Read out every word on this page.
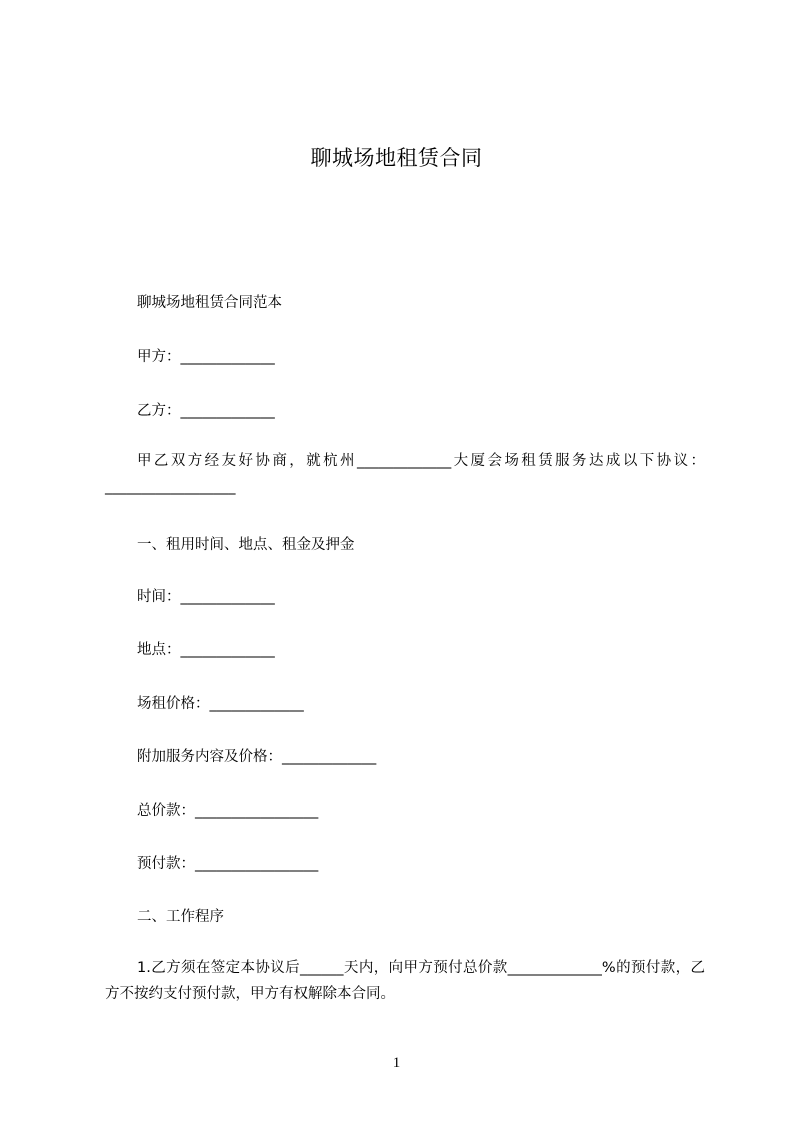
聊城场地租赁合同
聊城场地租赁合同范本
甲方：_____________
乙方：_____________
甲乙双方经友好协商，就杭州_____________大厦会场租赁服务达成以下协议：__________________
一、租用时间、地点、租金及押金
时间：_____________
地点：_____________
场租价格：_____________
附加服务内容及价格：_____________
总价款：_________________
预付款：_________________
二、工作程序
1.乙方须在签定本协议后______天内，向甲方预付总价款_____________%的预付款，乙方不按约支付预付款，甲方有权解除本合同。
1
